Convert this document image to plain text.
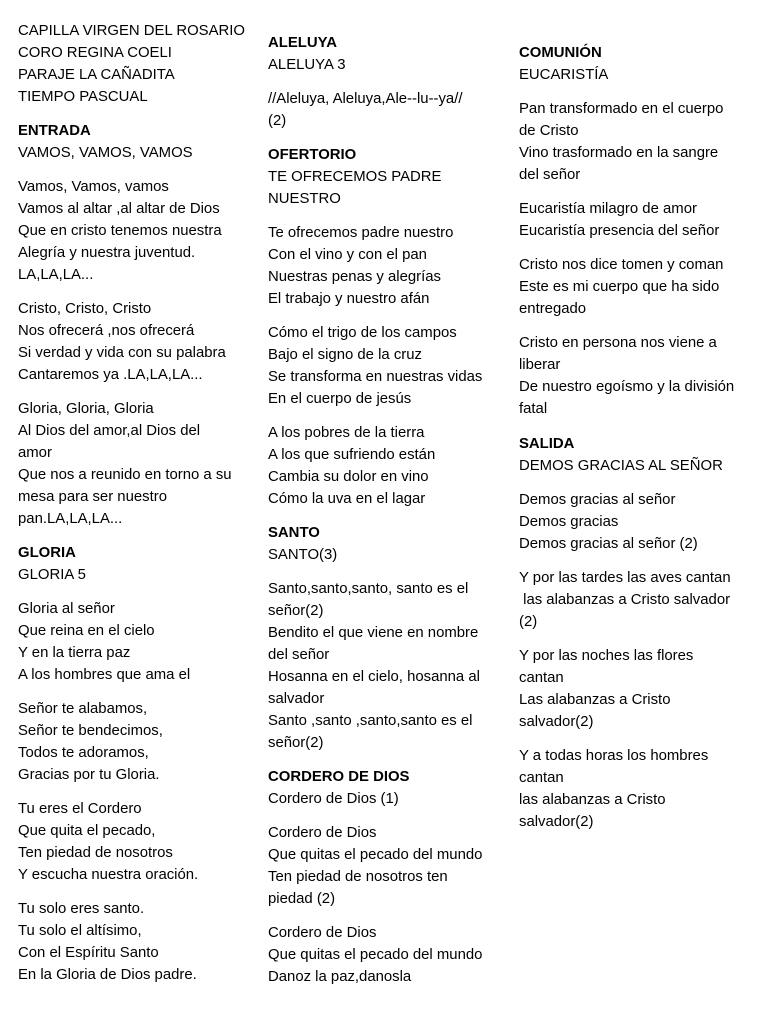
CAPILLA VIRGEN DEL ROSARIO
CORO REGINA COELI
PARAJE LA CAÑADITA
TIEMPO PASCUAL
ENTRADA
VAMOS, VAMOS, VAMOS
Vamos, Vamos, vamos
Vamos al altar ,al altar de Dios
Que en cristo tenemos nuestra
Alegría y nuestra juventud.
LA,LA,LA...
Cristo, Cristo, Cristo
Nos ofrecerá ,nos ofrecerá
Si verdad y vida con su palabra
Cantaremos ya .LA,LA,LA...
Gloria, Gloria, Gloria
Al Dios del amor,al Dios del
amor
Que nos a reunido en torno a su
mesa para ser nuestro
pan.LA,LA,LA...
GLORIA
GLORIA 5
Gloria al señor
Que reina en el cielo
Y en la tierra paz
A los hombres que ama el
Señor te alabamos,
Señor te bendecimos,
Todos te adoramos,
Gracias por tu Gloria.
Tu eres el Cordero
Que quita el pecado,
Ten piedad de nosotros
Y escucha nuestra oración.
Tu solo eres santo.
Tu solo el altísimo,
Con el Espíritu Santo
En la Gloria de Dios padre.
ALELUYA
ALELUYA 3
//Aleluya, Aleluya,Ale--lu--ya//
(2)
OFERTORIO
TE OFRECEMOS PADRE
NUESTRO
Te ofrecemos padre nuestro
Con el vino y con el pan
Nuestras penas y alegrías
El trabajo y nuestro afán
Cómo el trigo de los campos
Bajo el signo de la cruz
Se transforma en nuestras vidas
En el cuerpo de jesús
A los pobres de la tierra
A los que sufriendo están
Cambia su dolor en vino
Cómo la uva en el lagar
SANTO
SANTO(3)
Santo,santo,santo, santo es el
señor(2)
Bendito el que viene en nombre
del señor
Hosanna en el cielo, hosanna al
salvador
Santo ,santo ,santo,santo es el
señor(2)
CORDERO DE DIOS
Cordero de Dios (1)
Cordero de Dios
Que quitas el pecado del mundo
Ten piedad de nosotros ten
piedad (2)
Cordero de Dios
Que quitas el pecado del mundo
Danoz la paz,danosla
COMUNIÓN
EUCARISTÍA
Pan transformado en el cuerpo
de Cristo
Vino trasformado en la sangre
del señor
Eucaristía milagro de amor
Eucaristía presencia del señor
Cristo nos dice tomen y coman
Este es mi cuerpo que ha sido
entregado
Cristo en persona nos viene a
liberar
De nuestro egoísmo y la división
fatal
SALIDA
DEMOS GRACIAS AL SEÑOR
Demos gracias al señor
Demos gracias
Demos gracias al señor (2)
Y por las tardes las aves cantan
las alabanzas a Cristo salvador
(2)
Y por las noches las flores
cantan
Las alabanzas a Cristo
salvador(2)
Y a todas horas los hombres
cantan
las alabanzas a Cristo
salvador(2)
